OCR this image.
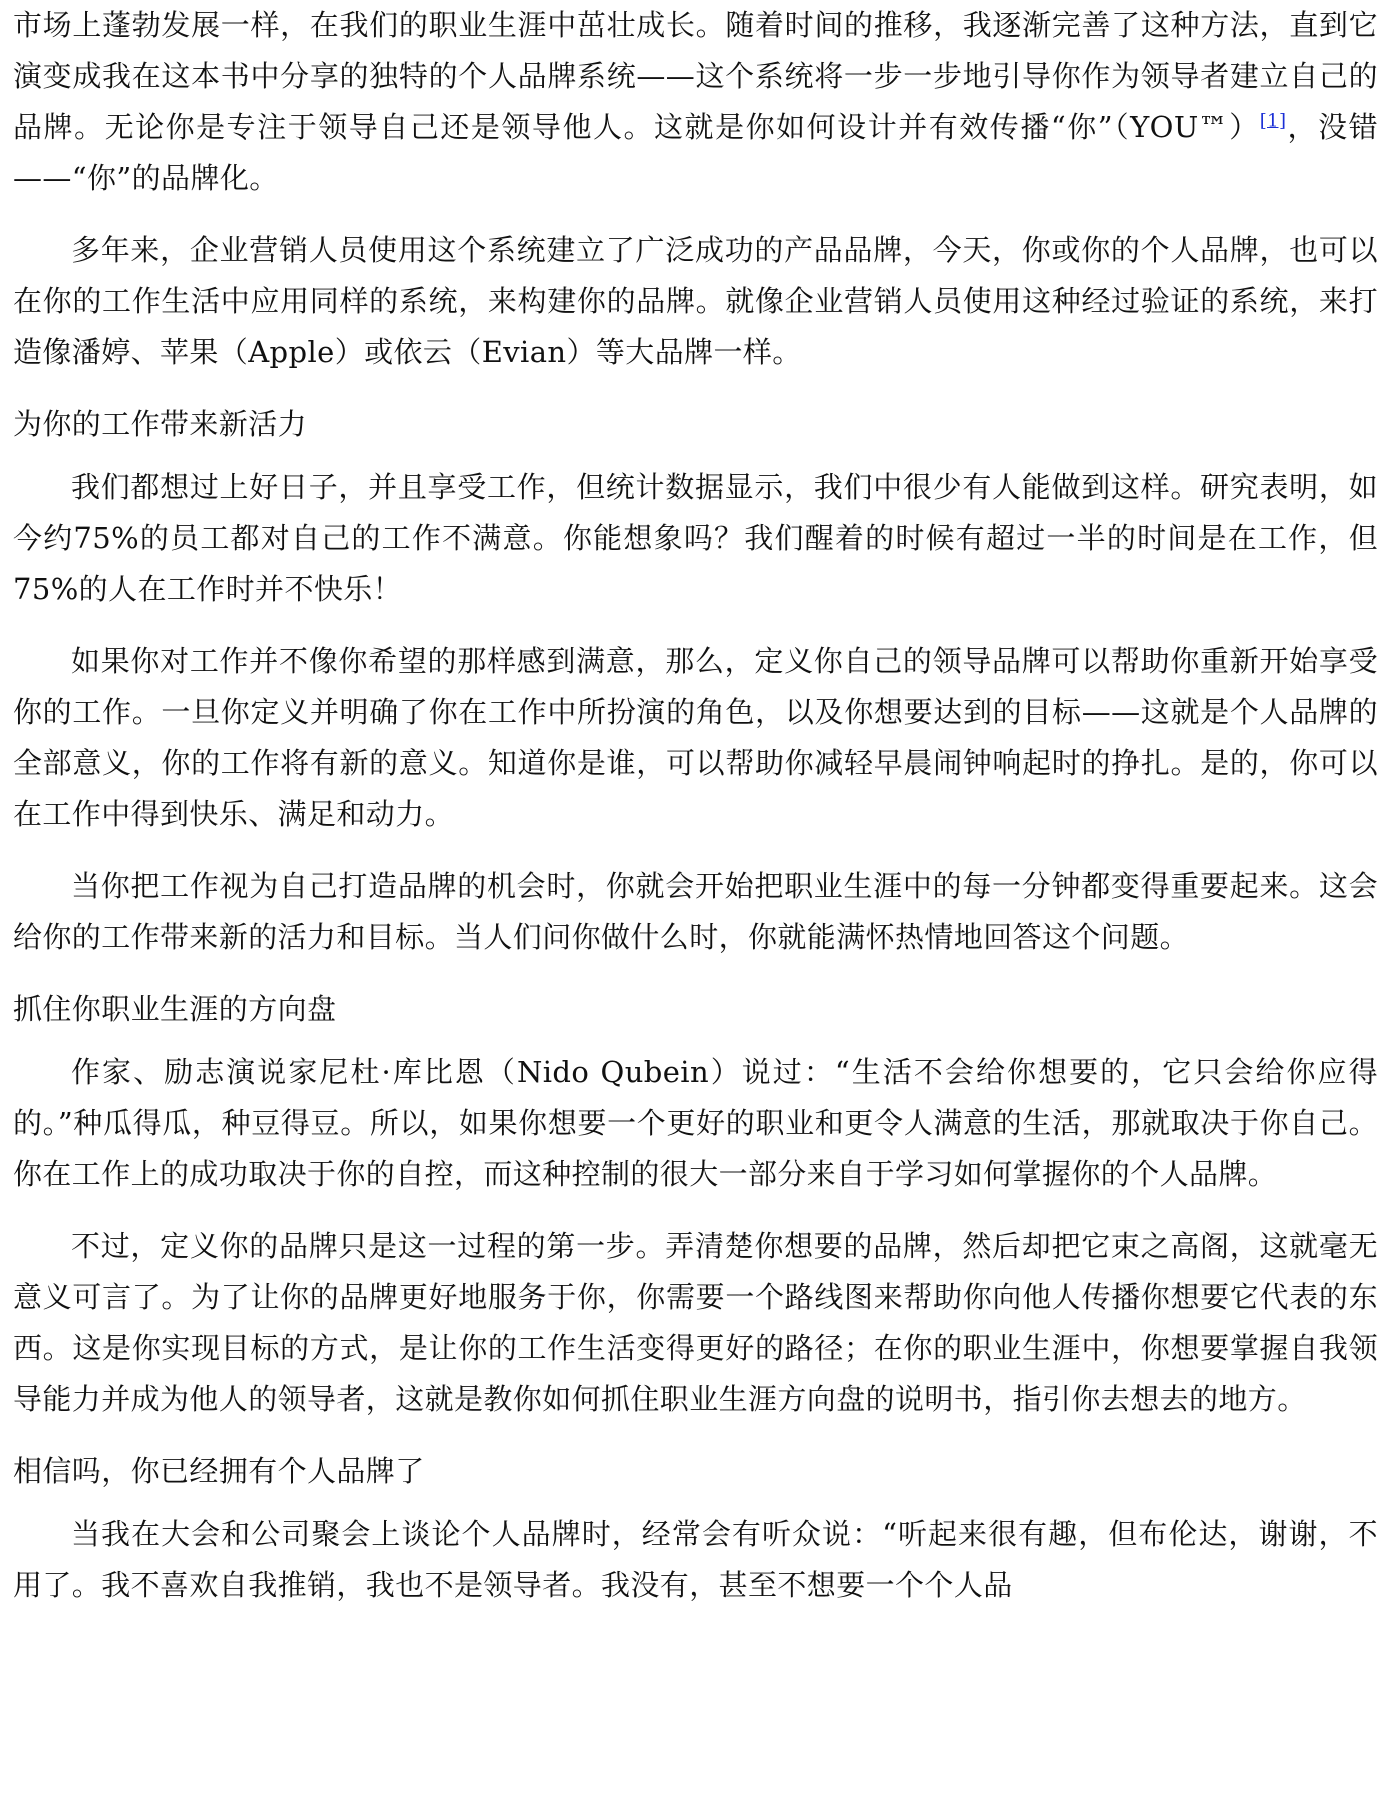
市场上蓬勃发展一样，在我们的职业生涯中茁壮成长。随着时间的推移，我逐渐完善了这种方法，直到它演变成我在这本书中分享的独特的个人品牌系统——这个系统将一步一步地引导你作为领导者建立自己的品牌。无论你是专注于领导自己还是领导他人。这就是你如何设计并有效传播“你”（YOU™）[1]，没错——“你”的品牌化。

多年来，企业营销人员使用这个系统建立了广泛成功的产品品牌，今天，你或你的个人品牌，也可以在你的工作生活中应用同样的系统，来构建你的品牌。就像企业营销人员使用这种经过验证的系统，来打造像潘婷、苹果（Apple）或依云（Evian）等大品牌一样。

为你的工作带来新活力

我们都想过上好日子，并且享受工作，但统计数据显示，我们中很少有人能做到这样。研究表明，如今约75%的员工都对自己的工作不满意。你能想象吗？我们醒着的时候有超过一半的时间是在工作，但75%的人在工作时并不快乐！

如果你对工作并不像你希望的那样感到满意，那么，定义你自己的领导品牌可以帮助你重新开始享受你的工作。一旦你定义并明确了你在工作中所扮演的角色，以及你想要达到的目标——这就是个人品牌的全部意义，你的工作将有新的意义。知道你是谁，可以帮助你减轻早晨闹钟响起时的挣扎。是的，你可以在工作中得到快乐、满足和动力。

当你把工作视为自己打造品牌的机会时，你就会开始把职业生涯中的每一分钟都变得重要起来。这会给你的工作带来新的活力和目标。当人们问你做什么时，你就能满怀热情地回答这个问题。

抓住你职业生涯的方向盘

作家、励志演说家尼杜·库比恩（Nido Qubein）说过：“生活不会给你想要的，它只会给你应得的。”种瓜得瓜，种豆得豆。所以，如果你想要一个更好的职业和更令人满意的生活，那就取决于你自己。你在工作上的成功取决于你的自控，而这种控制的很大一部分来自于学习如何掌握你的个人品牌。

不过，定义你的品牌只是这一过程的第一步。弄清楚你想要的品牌，然后却把它束之高阁，这就毫无意义可言了。为了让你的品牌更好地服务于你，你需要一个路线图来帮助你向他人传播你想要它代表的东西。这是你实现目标的方式，是让你的工作生活变得更好的路径；在你的职业生涯中，你想要掌握自我领导能力并成为他人的领导者，这就是教你如何抓住职业生涯方向盘的说明书，指引你去想去的地方。

相信吗，你已经拥有个人品牌了

当我在大会和公司聚会上谈论个人品牌时，经常会有听众说：“听起来很有趣，但布伦达，谢谢，不用了。我不喜欢自我推销，我也不是领导者。我没有，甚至不想要一个个人品
